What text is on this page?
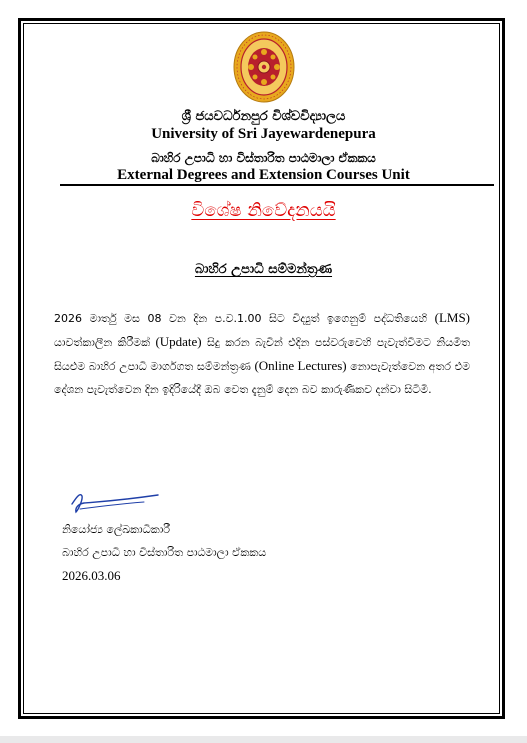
ශ්‍රී ජයවර්ධනපුර විශ්වවිද්‍යාලය
University of Sri Jayewardenepura
බාහිර උපාධි හා විස්තාරිත පාඨමාලා ඒකකය
External Degrees and Extension Courses Unit
විශේෂ නිවේදනයයි
බාහිර උපාධි සම්මන්ත්‍රණ
2026 මාර්තු මස 08 වන දින ප.ව.1.00 සිට විද්‍යුත් ඉගෙනුම් පද්ධතියෙහි (LMS) යාවත්කාලීන කිරීමක් (Update) සිදු කරන බැවින් එදින පස්වරුවෙහි පැවැත්වීමට නියමිත සියළුම බාහිර උපාධි මාර්ගගත සම්මන්ත්‍රණ (Online Lectures) නොපැවැත්වෙන අතර එම දේශන පැවැත්වෙන දින ඉදිරියේදී ඔබ වෙත දැනුම් දෙන බව කාරුණිකව දන්වා සිටිමි.
නියෝජ්‍ය ලේඛකාධිකාරී
බාහිර උපාධි හා විස්තාරිත පාඨමාලා ඒකකය
2026.03.06
